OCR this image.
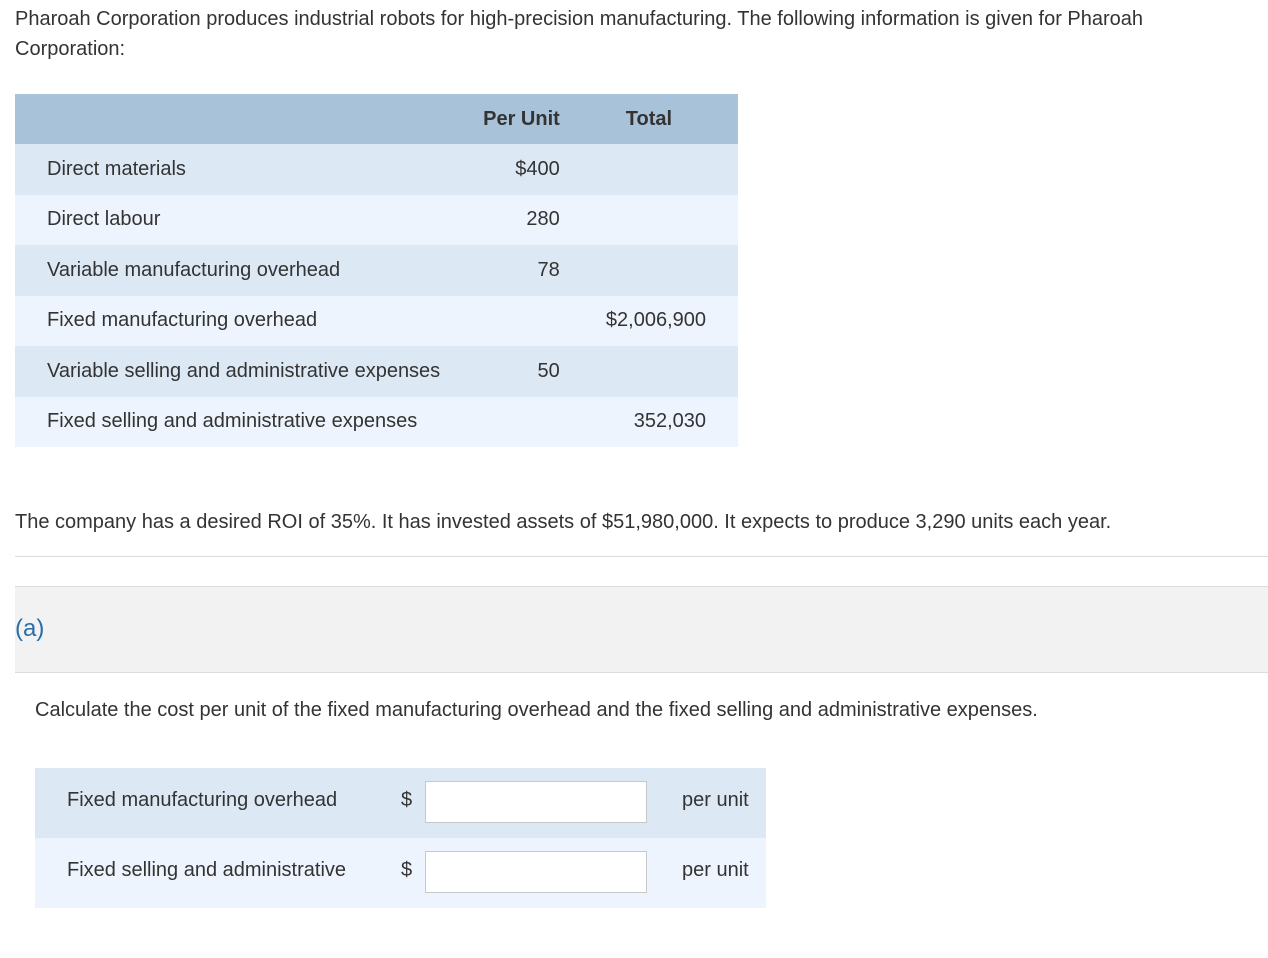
Pharoah Corporation produces industrial robots for high-precision manufacturing. The following information is given for Pharoah Corporation:

	Per Unit	Total
Direct materials	$400	
Direct labour	280	
Variable manufacturing overhead	78	
Fixed manufacturing overhead		$2,006,900
Variable selling and administrative expenses	50	
Fixed selling and administrative expenses		352,030

The company has a desired ROI of 35%. It has invested assets of $51,980,000. It expects to produce 3,290 units each year.

(a)

Calculate the cost per unit of the fixed manufacturing overhead and the fixed selling and administrative expenses.

Fixed manufacturing overhead	$	per unit
Fixed selling and administrative	$	per unit
